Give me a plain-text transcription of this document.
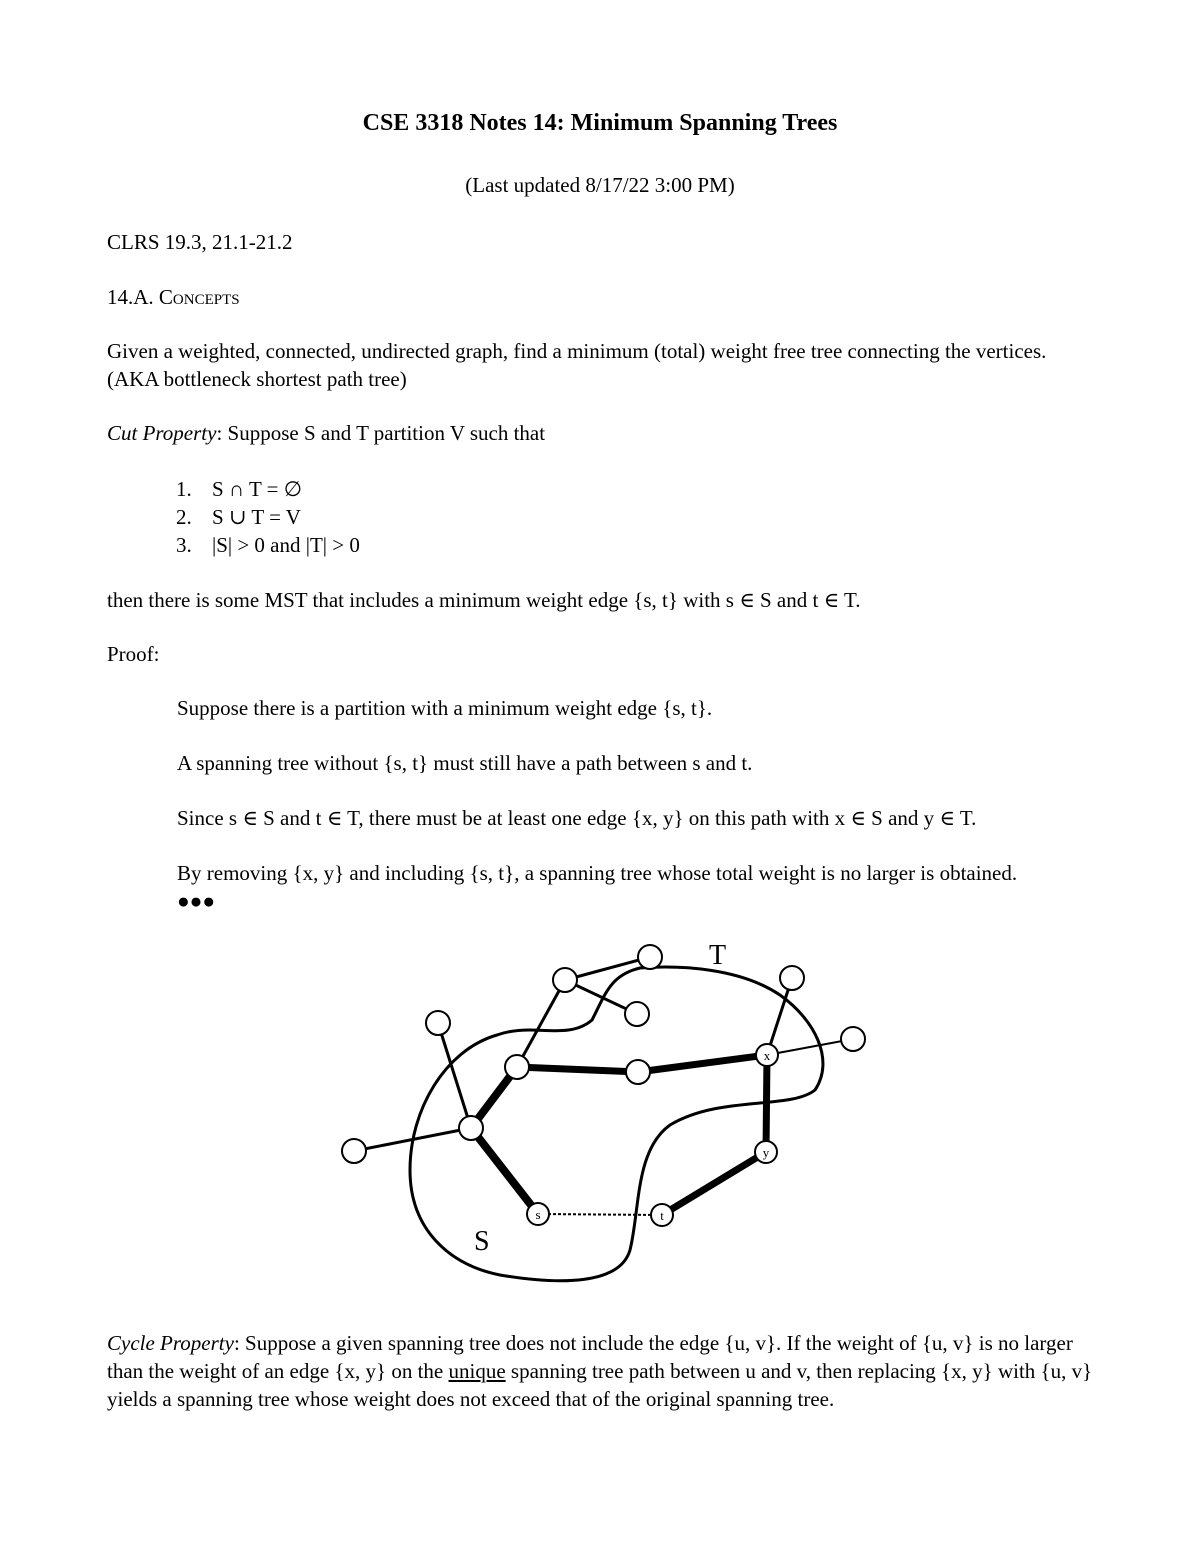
CSE 3318 Notes 14: Minimum Spanning Trees
(Last updated 8/17/22 3:00 PM)
CLRS 19.3, 21.1-21.2
14.A. Concepts
Given a weighted, connected, undirected graph, find a minimum (total) weight free tree connecting the vertices. (AKA bottleneck shortest path tree)
Cut Property: Suppose S and T partition V such that
1. S ∩ T = ∅
2. S ∪ T = V
3. |S| > 0 and |T| > 0
then there is some MST that includes a minimum weight edge {s, t} with s ∈ S and t ∈ T.
Proof:
Suppose there is a partition with a minimum weight edge {s, t}.
A spanning tree without {s, t} must still have a path between s and t.
Since s ∈ S and t ∈ T, there must be at least one edge {x, y} on this path with x ∈ S and y ∈ T.
By removing {x, y} and including {s, t}, a spanning tree whose total weight is no larger is obtained. ●●●
x
y
s	t
T
S
Cycle Property: Suppose a given spanning tree does not include the edge {u, v}. If the weight of {u, v} is no larger than the weight of an edge {x, y} on the unique spanning tree path between u and v, then replacing {x, y} with {u, v} yields a spanning tree whose weight does not exceed that of the original spanning tree.
